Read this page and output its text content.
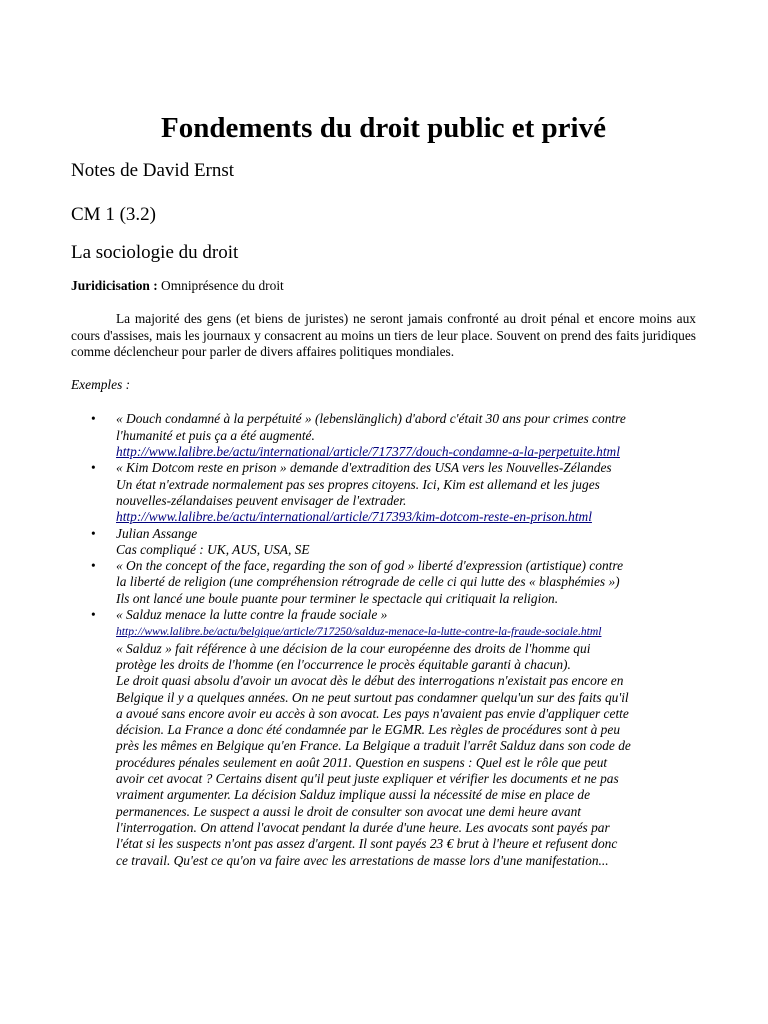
Fondements du droit public et privé

Notes de David Ernst

CM 1 (3.2)

La sociologie du droit

Juridicisation : Omniprésence du droit

La majorité des gens (et biens de juristes) ne seront jamais confronté au droit pénal et encore moins aux cours d'assises, mais les journaux y consacrent au moins un tiers de leur place. Souvent on prend des faits juridiques comme déclencheur pour parler de divers affaires politiques mondiales.

Exemples :

• « Douch condamné à la perpétuité » (lebenslänglich) d'abord c'était 30 ans pour crimes contre
l'humanité et puis ça a été augmenté.
http://www.lalibre.be/actu/international/article/717377/douch-condamne-a-la-perpetuite.html
• « Kim Dotcom reste en prison » demande d'extradition des USA vers les Nouvelles-Zélandes
Un état n'extrade normalement pas ses propres citoyens. Ici, Kim est allemand et les juges
nouvelles-zélandaises peuvent envisager de l'extrader.
http://www.lalibre.be/actu/international/article/717393/kim-dotcom-reste-en-prison.html
• Julian Assange
Cas compliqué : UK, AUS, USA, SE
• « On the concept of the face, regarding the son of god » liberté d'expression (artistique) contre
la liberté de religion (une compréhension rétrograde de celle ci qui lutte des « blasphémies »)
Ils ont lancé une boule puante pour terminer le spectacle qui critiquait la religion.
• « Salduz menace la lutte contre la fraude sociale »
http://www.lalibre.be/actu/belgique/article/717250/salduz-menace-la-lutte-contre-la-fraude-sociale.html
« Salduz » fait référence à une décision de la cour européenne des droits de l'homme qui
protège les droits de l'homme (en l'occurrence le procès équitable garanti à chacun).
Le droit quasi absolu d'avoir un avocat dès le début des interrogations n'existait pas encore en
Belgique il y a quelques années. On ne peut surtout pas condamner quelqu'un sur des faits qu'il
a avoué sans encore avoir eu accès à son avocat. Les pays n'avaient pas envie d'appliquer cette
décision. La France a donc été condamnée par le EGMR. Les règles de procédures sont à peu
près les mêmes en Belgique qu'en France. La Belgique a traduit l'arrêt Salduz dans son code de
procédures pénales seulement en août 2011. Question en suspens : Quel est le rôle que peut
avoir cet avocat ? Certains disent qu'il peut juste expliquer et vérifier les documents et ne pas
vraiment argumenter. La décision Salduz implique aussi la nécessité de mise en place de
permanences. Le suspect a aussi le droit de consulter son avocat une demi heure avant
l'interrogation. On attend l'avocat pendant la durée d'une heure. Les avocats sont payés par
l'état si les suspects n'ont pas assez d'argent. Il sont payés 23 € brut à l'heure et refusent donc
ce travail. Qu'est ce qu'on va faire avec les arrestations de masse lors d'une manifestation...
